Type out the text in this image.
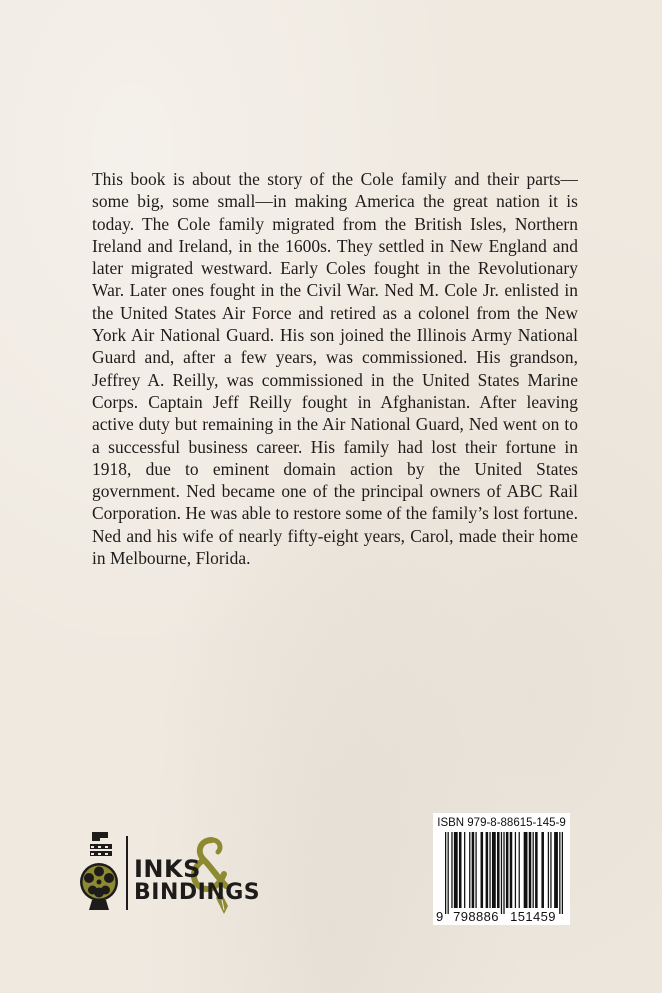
This book is about the story of the Cole family and their parts—some big, some small—in making America the great nation it is today. The Cole family migrated from the British Isles, Northern Ireland and Ireland, in the 1600s. They settled in New England and later migrated westward. Early Coles fought in the Revolutionary War. Later ones fought in the Civil War. Ned M. Cole Jr. enlisted in the United States Air Force and retired as a colonel from the New York Air National Guard. His son joined the Illinois Army National Guard and, after a few years, was commissioned. His grandson, Jeffrey A. Reilly, was commissioned in the United States Marine Corps. Captain Jeff Reilly fought in Afghanistan. After leaving active duty but remaining in the Air National Guard, Ned went on to a successful business career. His family had lost their fortune in 1918, due to eminent domain action by the United States government. Ned became one of the principal owners of ABC Rail Corporation. He was able to restore some of the family’s lost fortune. Ned and his wife of nearly fifty-eight years, Carol, made their home in Melbourne, Florida.

INKS
BINDINGS
ISBN 979-8-88615-145-9
9 798886 151459
